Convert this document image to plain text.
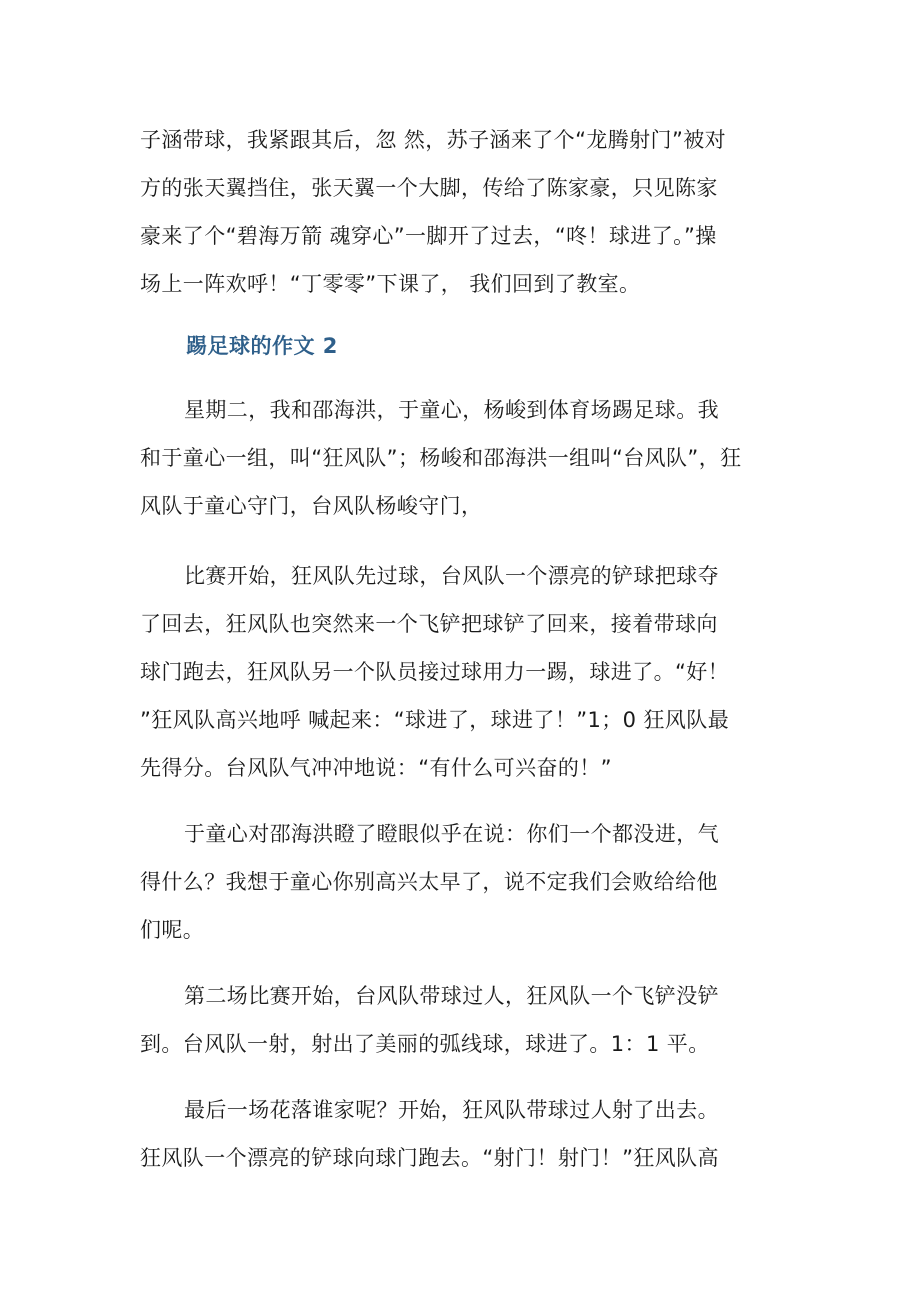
子涵带球，我紧跟其后，忽 然，苏子涵来了个“龙腾射门”被对
方的张天翼挡住，张天翼一个大脚，传给了陈家豪，只见陈家
豪来了个“碧海万箭 魂穿心”一脚开了过去，“咚！球进了。”操
场上一阵欢呼！“丁零零”下课了， 我们回到了教室。
踢足球的作文 2
星期二，我和邵海洪，于童心，杨峻到体育场踢足球。我
和于童心一组，叫“狂风队”；杨峻和邵海洪一组叫“台风队”，狂
风队于童心守门，台风队杨峻守门，
比赛开始，狂风队先过球，台风队一个漂亮的铲球把球夺
了回去，狂风队也突然来一个飞铲把球铲了回来，接着带球向
球门跑去，狂风队另一个队员接过球用力一踢，球进了。“好！
”狂风队高兴地呼 喊起来：“球进了，球进了！”1；0 狂风队最
先得分。台风队气冲冲地说：“有什么可兴奋的！”
于童心对邵海洪瞪了瞪眼似乎在说：你们一个都没进，气
得什么？我想于童心你别高兴太早了，说不定我们会败给给他
们呢。
第二场比赛开始，台风队带球过人，狂风队一个飞铲没铲
到。台风队一射，射出了美丽的弧线球，球进了。1：1 平。
最后一场花落谁家呢？开始，狂风队带球过人射了出去。
狂风队一个漂亮的铲球向球门跑去。“射门！射门！”狂风队高
